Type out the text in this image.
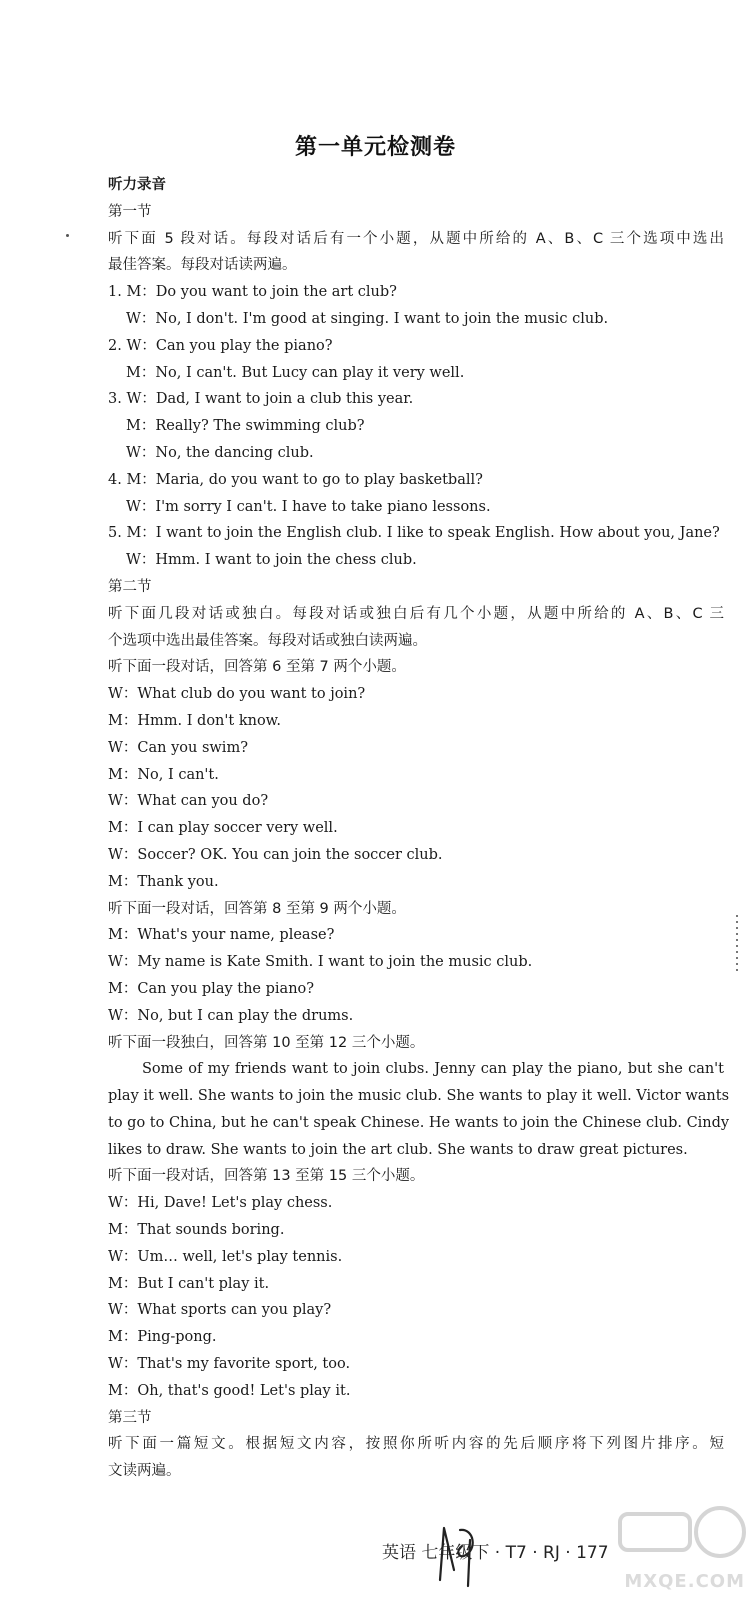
第一单元检测卷
听力录音
第一节
听下面 5 段对话。每段对话后有一个小题，从题中所给的 A、B、C 三个选项中选出
最佳答案。每段对话读两遍。
1. M：Do you want to join the art club?
W：No, I don't. I'm good at singing. I want to join the music club.
2. W：Can you play the piano?
M：No, I can't. But Lucy can play it very well.
3. W：Dad, I want to join a club this year.
M：Really? The swimming club?
W：No, the dancing club.
4. M：Maria, do you want to go to play basketball?
W：I'm sorry I can't. I have to take piano lessons.
5. M：I want to join the English club. I like to speak English. How about you, Jane?
W：Hmm. I want to join the chess club.
第二节
听下面几段对话或独白。每段对话或独白后有几个小题，从题中所给的 A、B、C 三
个选项中选出最佳答案。每段对话或独白读两遍。
听下面一段对话，回答第 6 至第 7 两个小题。
W：What club do you want to join?
M：Hmm. I don't know.
W：Can you swim?
M：No, I can't.
W：What can you do?
M：I can play soccer very well.
W：Soccer? OK. You can join the soccer club.
M：Thank you.
听下面一段对话，回答第 8 至第 9 两个小题。
M：What's your name, please?
W：My name is Kate Smith. I want to join the music club.
M：Can you play the piano?
W：No, but I can play the drums.
听下面一段独白，回答第 10 至第 12 三个小题。
Some of my friends want to join clubs. Jenny can play the piano, but she can't
play it well. She wants to join the music club. She wants to play it well. Victor wants
to go to China, but he can't speak Chinese. He wants to join the Chinese club. Cindy
likes to draw. She wants to join the art club. She wants to draw great pictures.
听下面一段对话，回答第 13 至第 15 三个小题。
W：Hi, Dave! Let's play chess.
M：That sounds boring.
W：Um… well, let's play tennis.
M：But I can't play it.
W：What sports can you play?
M：Ping-pong.
W：That's my favorite sport, too.
M：Oh, that's good! Let's play it.
第三节
听下面一篇短文。根据短文内容，按照你所听内容的先后顺序将下列图片排序。短
文读两遍。
英语 七年级下 · T7 · RJ · 177
MXQE.COM
